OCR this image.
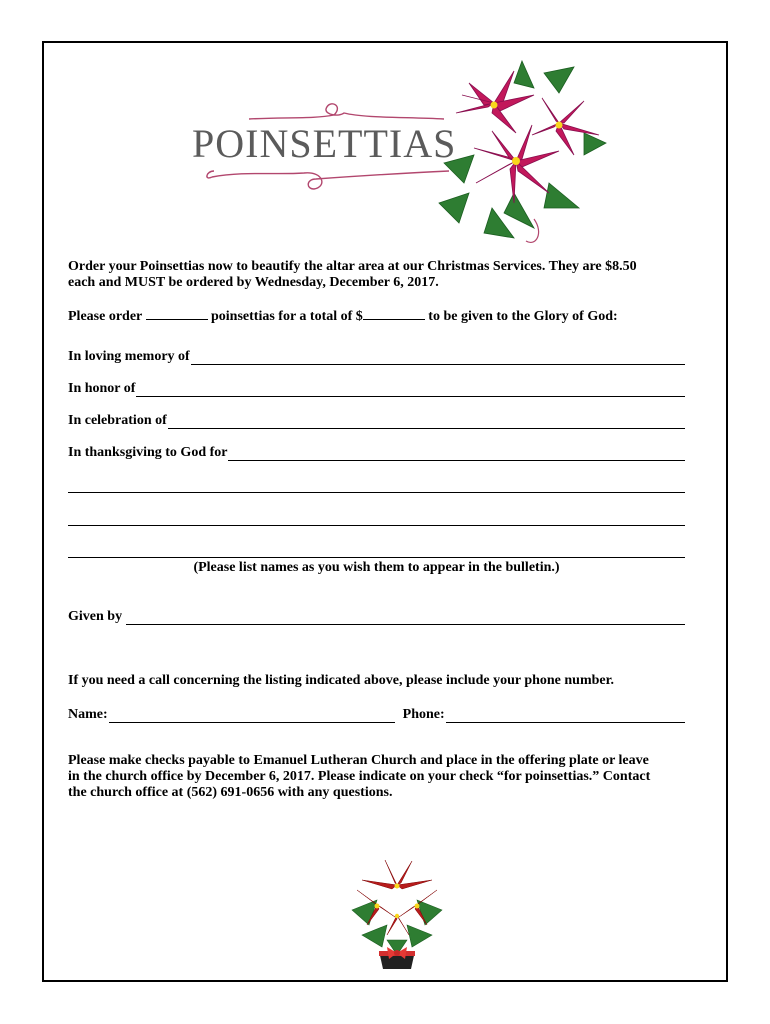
POINSETTIAS
Order your Poinsettias now to beautify the altar area at our Christmas Services. They are $8.50
each and MUST be ordered by Wednesday, December 6, 2017.
Please order	poinsettias for a total of $	to be given to the Glory of God:
In loving memory of
In honor of
In celebration of
In thanksgiving to God for
(Please list names as you wish them to appear in the bulletin.)
Given by
If you need a call concerning the listing indicated above, please include your phone number.
Name:	Phone:
Please make checks payable to Emanuel Lutheran Church and place in the offering plate or leave
in the church office by December 6, 2017. Please indicate on your check “for poinsettias.” Contact
the church office at (562) 691-0656 with any questions.
